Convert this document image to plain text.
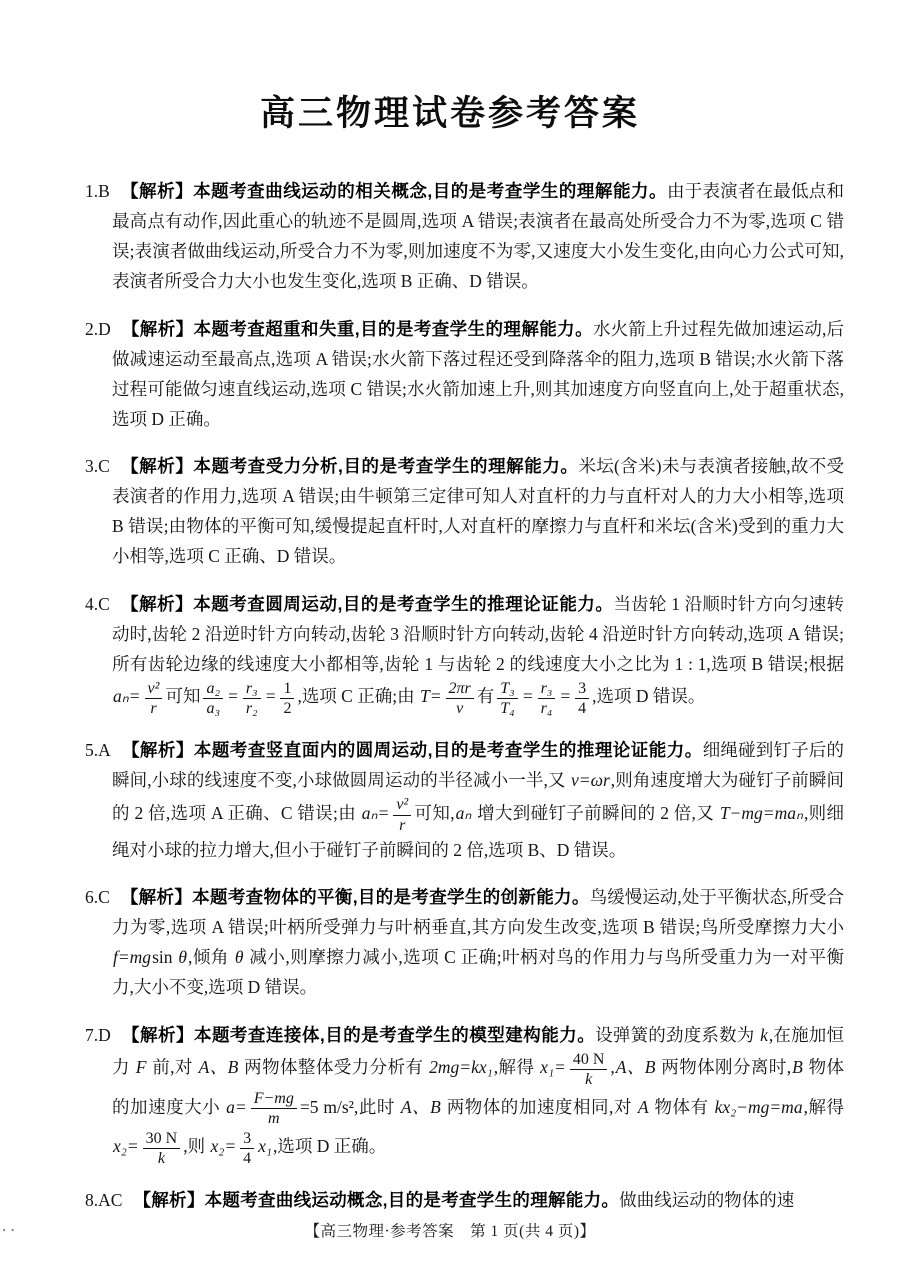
高三物理试卷参考答案

1.B 【解析】本题考查曲线运动的相关概念,目的是考查学生的理解能力。由于表演者在最低点和最高点有动作,因此重心的轨迹不是圆周,选项 A 错误;表演者在最高处所受合力不为零,选项 C 错误;表演者做曲线运动,所受合力不为零,则加速度不为零,又速度大小发生变化,由向心力公式可知,表演者所受合力大小也发生变化,选项 B 正确、D 错误。

2.D 【解析】本题考查超重和失重,目的是考查学生的理解能力。水火箭上升过程先做加速运动,后做减速运动至最高点,选项 A 错误;水火箭下落过程还受到降落伞的阻力,选项 B 错误;水火箭下落过程可能做匀速直线运动,选项 C 错误;水火箭加速上升,则其加速度方向竖直向上,处于超重状态,选项 D 正确。

3.C 【解析】本题考查受力分析,目的是考查学生的理解能力。米坛(含米)未与表演者接触,故不受表演者的作用力,选项 A 错误;由牛顿第三定律可知人对直杆的力与直杆对人的力大小相等,选项 B 错误;由物体的平衡可知,缓慢提起直杆时,人对直杆的摩擦力与直杆和米坛(含米)受到的重力大小相等,选项 C 正确、D 错误。

4.C 【解析】本题考查圆周运动,目的是考查学生的推理论证能力。当齿轮 1 沿顺时针方向匀速转动时,齿轮 2 沿逆时针方向转动,齿轮 3 沿顺时针方向转动,齿轮 4 沿逆时针方向转动,选项 A 错误;所有齿轮边缘的线速度大小都相等,齿轮 1 与齿轮 2 的线速度大小之比为 1 : 1,选项 B 错误;根据 $a_n= \frac{\text{v²}}{r}$ 可知 $\frac{\text{a₂}}{\text{a₃}} = \frac{\text{r₃}}{\text{r₂}} = \frac{1}{2}$ ,选项 C 正确;由 $T= \frac{2\pi r}{v}$ 有 $\frac{\text{T₃}}{\text{T₄}} = \frac{\text{r₃}}{\text{r₄}} = \frac{3}{4}$ ,选项 D 错误。

5.A 【解析】本题考查竖直面内的圆周运动,目的是考查学生的推理论证能力。细绳碰到钉子后的瞬间,小球的线速度不变,小球做圆周运动的半径减小一半,又 v=ωr,则角速度增大为碰钉子前瞬间的 2 倍,选项 A 正确、C 错误;由 $a_n= \frac{\text{v²}}{r}$ 可知,aₙ 增大到碰钉子前瞬间的 2 倍,又 T−mg=maₙ,则细绳对小球的拉力增大,但小于碰钉子前瞬间的 2 倍,选项 B、D 错误。

6.C 【解析】本题考查物体的平衡,目的是考查学生的创新能力。鸟缓慢运动,处于平衡状态,所受合力为零,选项 A 错误;叶柄所受弹力与叶柄垂直,其方向发生改变,选项 B 错误;鸟所受摩擦力大小 f=mgsin θ,倾角 θ 减小,则摩擦力减小,选项 C 正确;叶柄对鸟的作用力与鸟所受重力为一对平衡力,大小不变,选项 D 错误。

7.D 【解析】本题考查连接体,目的是考查学生的模型建构能力。设弹簧的劲度系数为 k,在施加恒力 F 前,对 A、B 两物体整体受力分析有 2mg=kx₁,解得 $x_1= \frac{40 N}{k} ,A$、B 两物体刚分离时,B 物体的加速度大小 $a= \frac{F-mg}{m} =5$ m/s²,此时 A、B 两物体的加速度相同,对 A 物体有 kx₂−mg=ma,解得 $x_2= \frac{30 N}{k}$ ,则 $x_2= \frac{3}{4} x_1$,选项 D 正确。

8.AC 【解析】本题考查曲线运动概念,目的是考查学生的理解能力。做曲线运动的物体的速

【高三物理·参考答案　第 1 页(共 4 页)】
..
